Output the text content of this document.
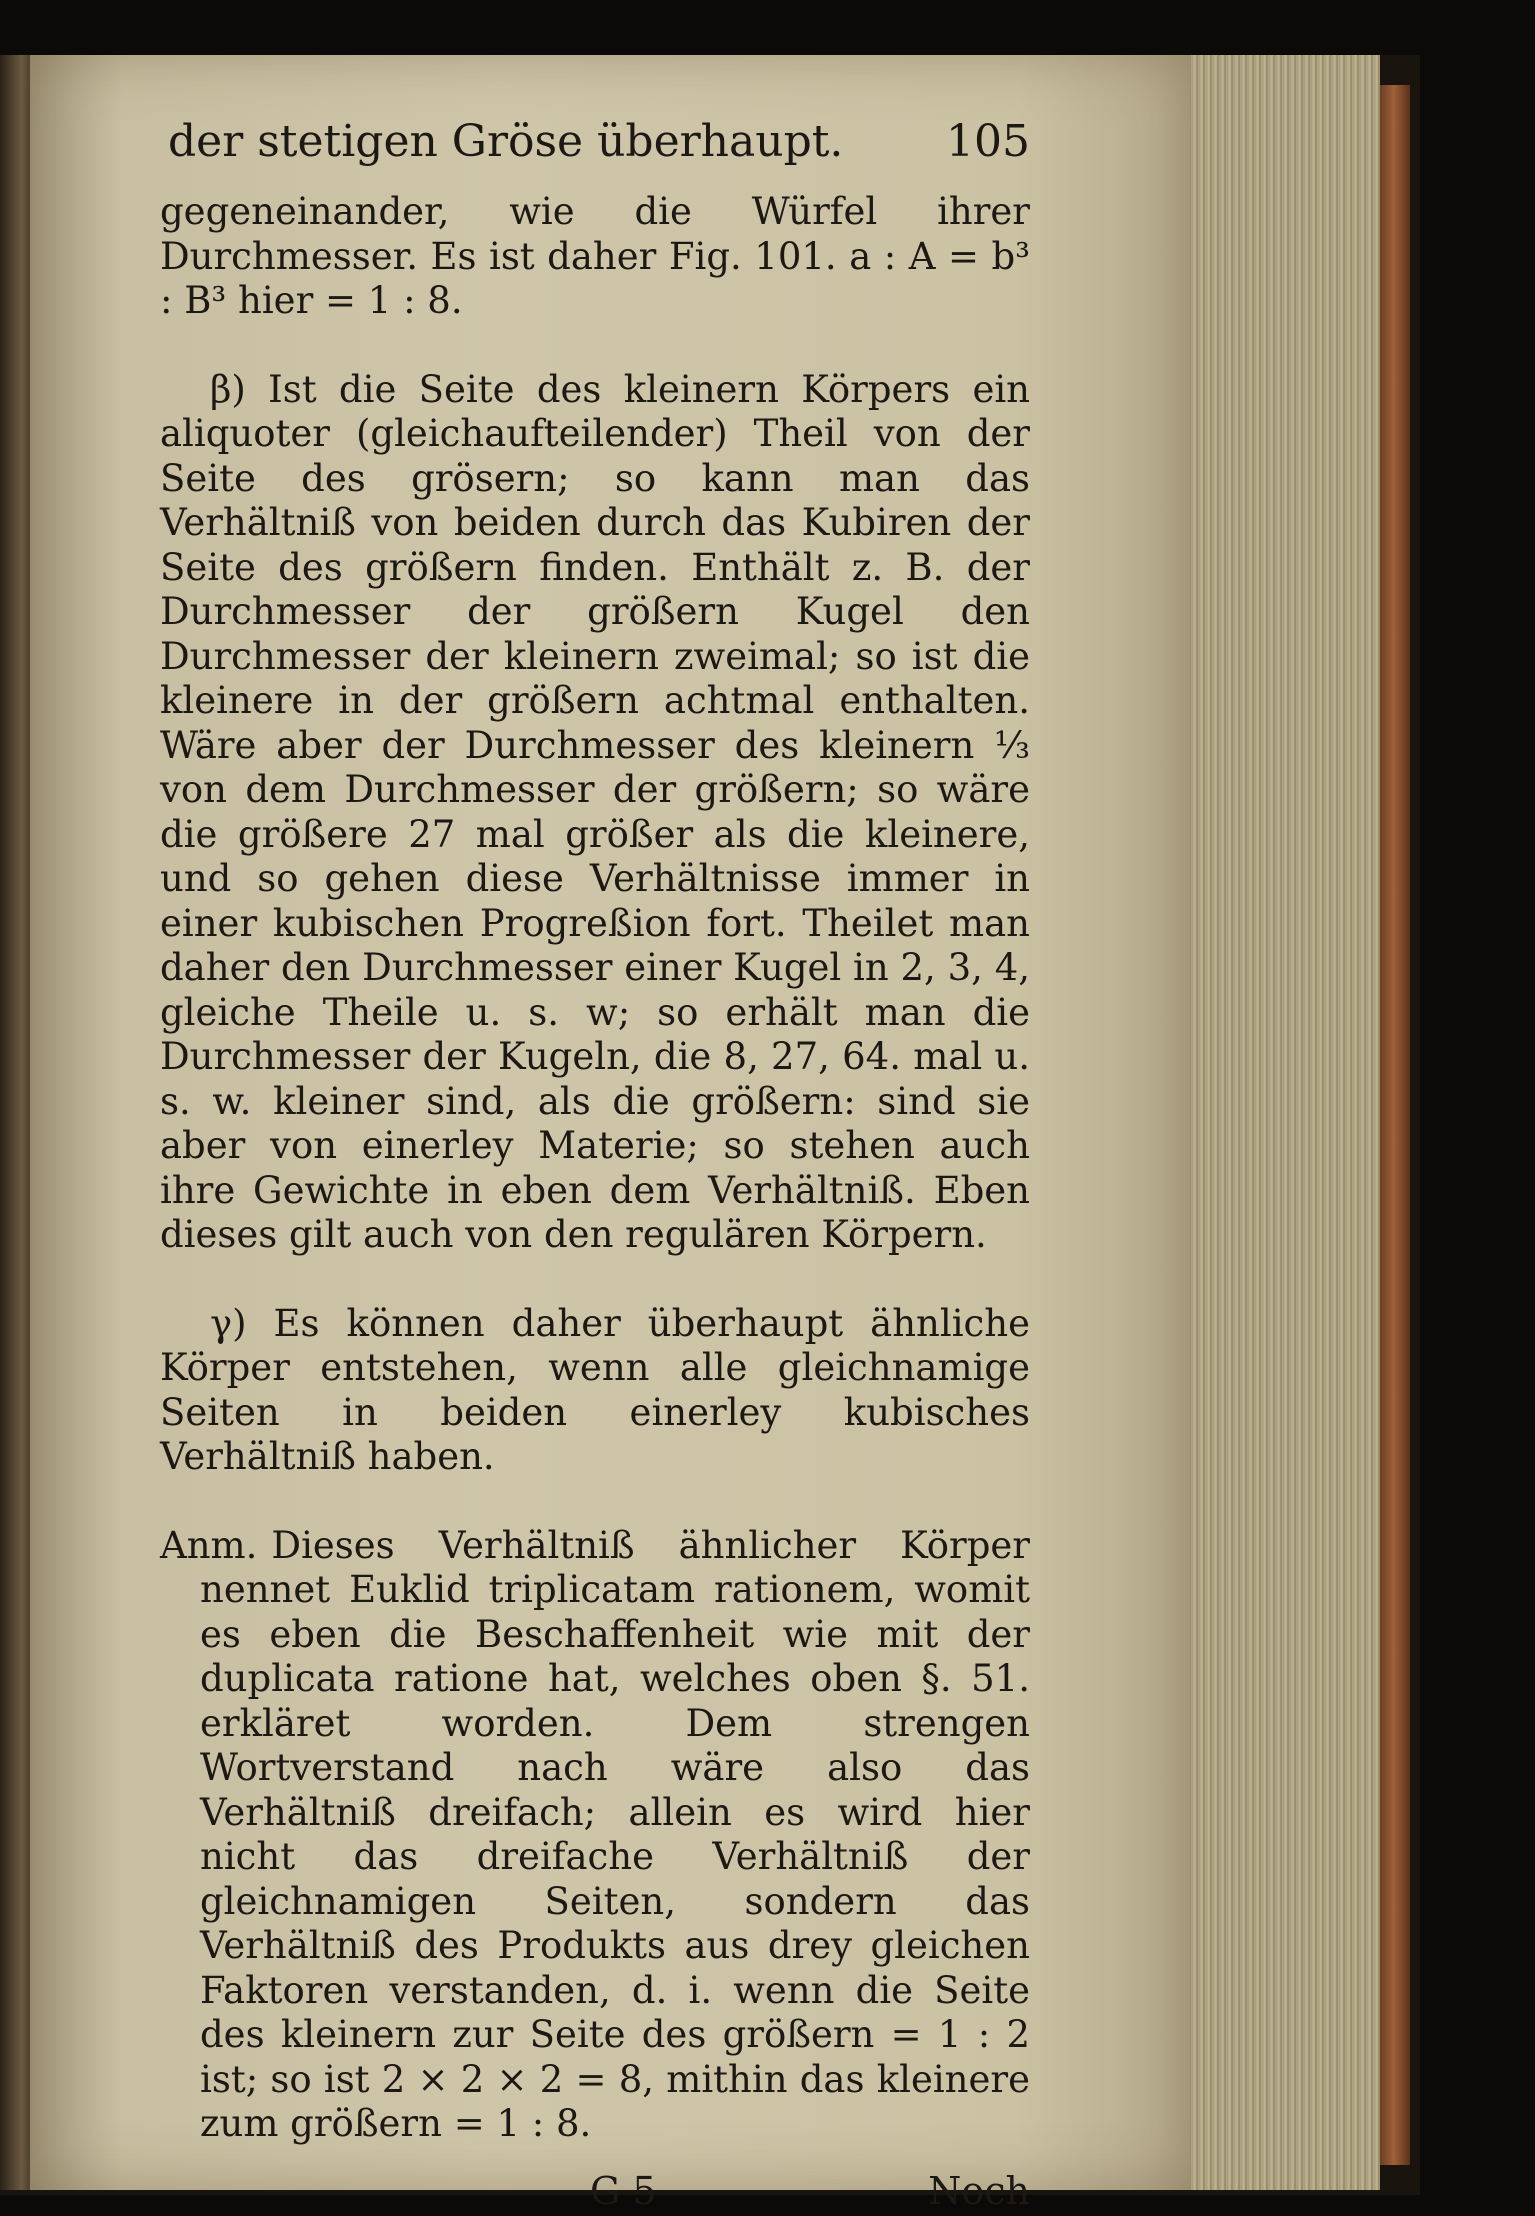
der stetigen Gröse überhaupt. 105

gegeneinander, wie die Würfel ihrer Durchmesser. Es ist daher Fig. 101. a : A = b³ : B³ hier = 1 : 8.

β) Ist die Seite des kleinern Körpers ein aliquoter (gleichaufteilender) Theil von der Seite des grösern; so kann man das Verhältniß von beiden durch das Kubiren der Seite des größern finden. Enthält z. B. der Durchmesser der größern Kugel den Durchmesser der kleinern zweimal; so ist die kleinere in der größern achtmal enthalten. Wäre aber der Durchmesser des kleinern ⅓ von dem Durchmesser der größern; so wäre die größere 27 mal größer als die kleinere, und so gehen diese Verhältnisse immer in einer kubischen Progreßion fort. Theilet man daher den Durchmesser einer Kugel in 2, 3, 4, gleiche Theile u. s. w; so erhält man die Durchmesser der Kugeln, die 8, 27, 64. mal u. s. w. kleiner sind, als die größern: sind sie aber von einerley Materie; so stehen auch ihre Gewichte in eben dem Verhältniß. Eben dieses gilt auch von den regulären Körpern.

γ) Es können daher überhaupt ähnliche Körper entstehen, wenn alle gleichnamige Seiten in beiden einerley kubisches Verhältniß haben.

Anm. Dieses Verhältniß ähnlicher Körper nennet Euklid triplicatam rationem, womit es eben die Beschaffenheit wie mit der duplicata ratione hat, welches oben §. 51. erkläret worden. Dem strengen Wortverstand nach wäre also das Verhältniß dreifach; allein es wird hier nicht das dreifache Verhältniß der gleichnamigen Seiten, sondern das Verhältniß des Produkts aus drey gleichen Faktoren verstanden, d. i. wenn die Seite des kleinern zur Seite des größern = 1 : 2 ist; so ist 2 × 2 × 2 = 8, mithin das kleinere zum größern = 1 : 8.

G 5	Noch
